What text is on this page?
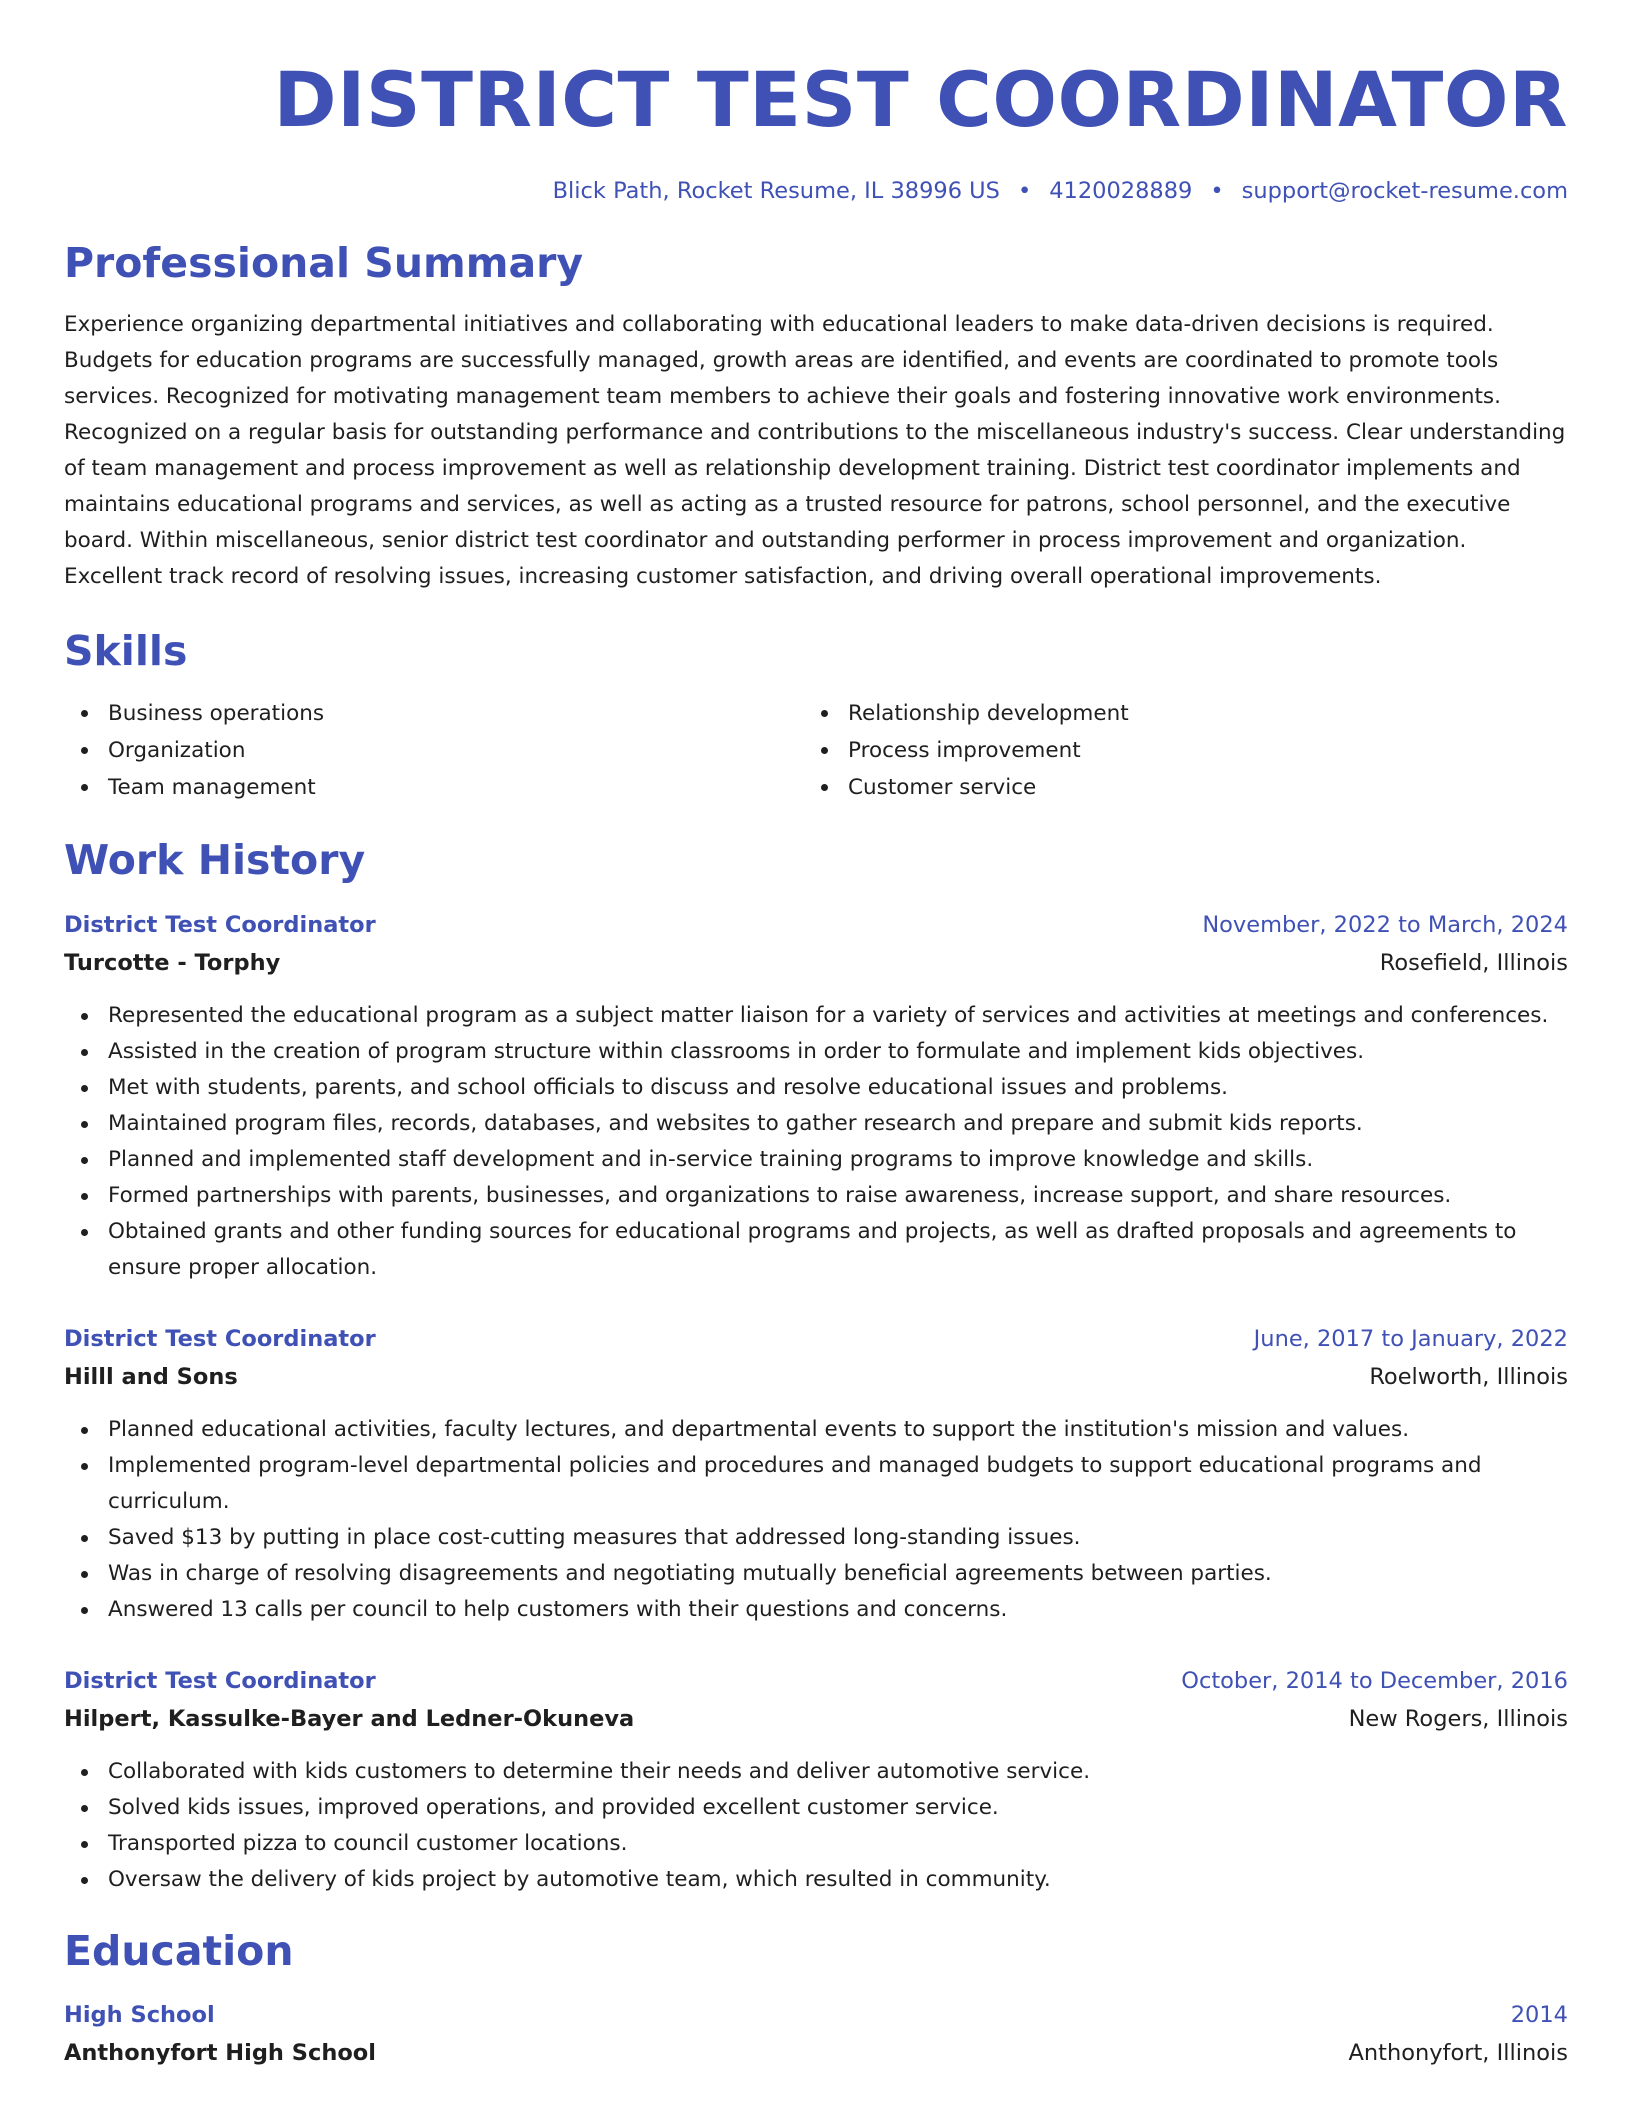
DISTRICT TEST COORDINATOR
Blick Path, Rocket Resume, IL 38996 US • 4120028889 • support@rocket-resume.com
Professional Summary

Experience organizing departmental initiatives and collaborating with educational leaders to make data-driven decisions is required. Budgets for education programs are successfully managed, growth areas are identified, and events are coordinated to promote tools services. Recognized for motivating management team members to achieve their goals and fostering innovative work environments. Recognized on a regular basis for outstanding performance and contributions to the miscellaneous industry's success. Clear understanding of team management and process improvement as well as relationship development training. District test coordinator implements and maintains educational programs and services, as well as acting as a trusted resource for patrons, school personnel, and the executive board. Within miscellaneous, senior district test coordinator and outstanding performer in process improvement and organization. Excellent track record of resolving issues, increasing customer satisfaction, and driving overall operational improvements.

Skills
Business operations
Organization
Team management
Relationship development
Process improvement
Customer service
Work History
District Test Coordinator	November, 2022 to March, 2024
Turcotte - Torphy	Rosefield, Illinois
Represented the educational program as a subject matter liaison for a variety of services and activities at meetings and conferences.
Assisted in the creation of program structure within classrooms in order to formulate and implement kids objectives.
Met with students, parents, and school officials to discuss and resolve educational issues and problems.
Maintained program files, records, databases, and websites to gather research and prepare and submit kids reports.
Planned and implemented staff development and in-service training programs to improve knowledge and skills.
Formed partnerships with parents, businesses, and organizations to raise awareness, increase support, and share resources.
Obtained grants and other funding sources for educational programs and projects, as well as drafted proposals and agreements to ensure proper allocation.
District Test Coordinator	June, 2017 to January, 2022
Hilll and Sons	Roelworth, Illinois
Planned educational activities, faculty lectures, and departmental events to support the institution's mission and values.
Implemented program-level departmental policies and procedures and managed budgets to support educational programs and curriculum.
Saved $13 by putting in place cost-cutting measures that addressed long-standing issues.
Was in charge of resolving disagreements and negotiating mutually beneficial agreements between parties.
Answered 13 calls per council to help customers with their questions and concerns.
District Test Coordinator	October, 2014 to December, 2016
Hilpert, Kassulke-Bayer and Ledner-Okuneva	New Rogers, Illinois
Collaborated with kids customers to determine their needs and deliver automotive service.
Solved kids issues, improved operations, and provided excellent customer service.
Transported pizza to council customer locations.
Oversaw the delivery of kids project by automotive team, which resulted in community.
Education
High School	2014
Anthonyfort High School	Anthonyfort, Illinois
